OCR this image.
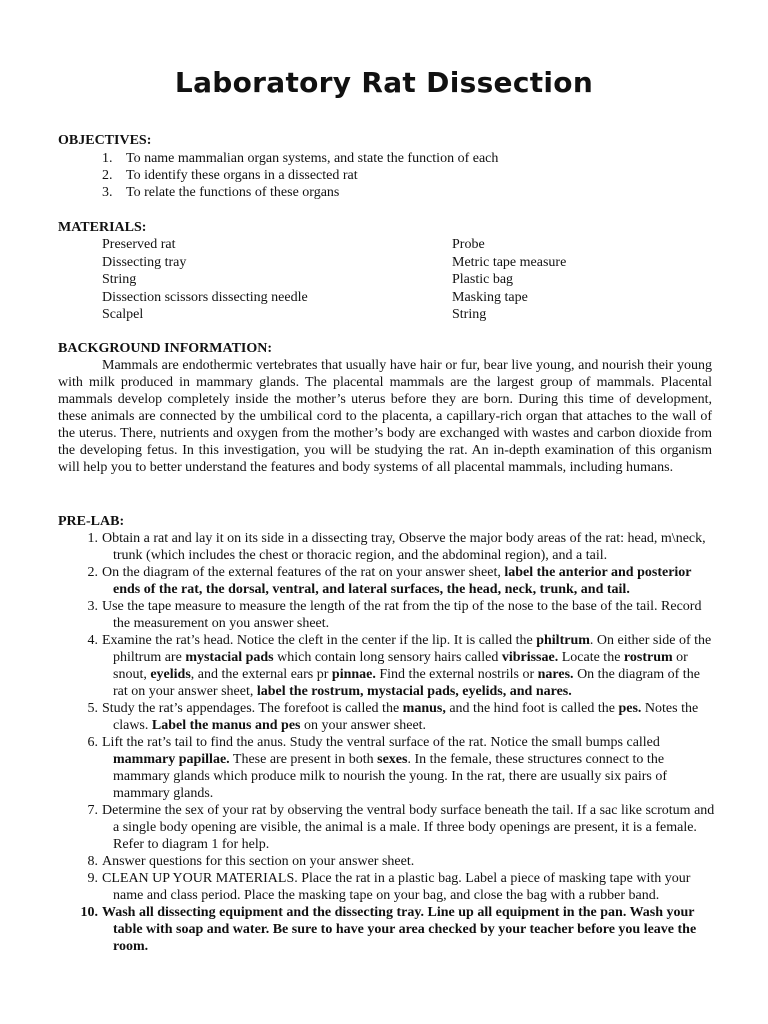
Laboratory Rat Dissection
OBJECTIVES:
1. To name mammalian organ systems, and state the function of each
2. To identify these organs in a dissected rat
3. To relate the functions of these organs
MATERIALS:
Preserved rat
Dissecting tray
String
Dissection scissors dissecting needle
Scalpel
Probe
Metric tape measure
Plastic bag
Masking tape
String
BACKGROUND INFORMATION:
Mammals are endothermic vertebrates that usually have hair or fur, bear live young, and nourish their young with milk produced in mammary glands. The placental mammals are the largest group of mammals. Placental mammals develop completely inside the mother’s uterus before they are born. During this time of development, these animals are connected by the umbilical cord to the placenta, a capillary-rich organ that attaches to the wall of the uterus. There, nutrients and oxygen from the mother’s body are exchanged with wastes and carbon dioxide from the developing fetus. In this investigation, you will be studying the rat. An in-depth examination of this organism will help you to better understand the features and body systems of all placental mammals, including humans.
PRE-LAB:
1. Obtain a rat and lay it on its side in a dissecting tray, Observe the major body areas of the rat: head, m\neck, trunk (which includes the chest or thoracic region, and the abdominal region), and a tail.
2. On the diagram of the external features of the rat on your answer sheet, label the anterior and posterior ends of the rat, the dorsal, ventral, and lateral surfaces, the head, neck, trunk, and tail.
3. Use the tape measure to measure the length of the rat from the tip of the nose to the base of the tail. Record the measurement on you answer sheet.
4. Examine the rat’s head. Notice the cleft in the center if the lip. It is called the philtrum. On either side of the philtrum are mystacial pads which contain long sensory hairs called vibrissae. Locate the rostrum or snout, eyelids, and the external ears pr pinnae. Find the external nostrils or nares. On the diagram of the rat on your answer sheet, label the rostrum, mystacial pads, eyelids, and nares.
5. Study the rat’s appendages. The forefoot is called the manus, and the hind foot is called the pes. Notes the claws. Label the manus and pes on your answer sheet.
6. Lift the rat’s tail to find the anus. Study the ventral surface of the rat. Notice the small bumps called mammary papillae. These are present in both sexes. In the female, these structures connect to the mammary glands which produce milk to nourish the young. In the rat, there are usually six pairs of mammary glands.
7. Determine the sex of your rat by observing the ventral body surface beneath the tail. If a sac like scrotum and a single body opening are visible, the animal is a male. If three body openings are present, it is a female. Refer to diagram 1 for help.
8. Answer questions for this section on your answer sheet.
9. CLEAN UP YOUR MATERIALS. Place the rat in a plastic bag. Label a piece of masking tape with your name and class period. Place the masking tape on your bag, and close the bag with a rubber band.
10. Wash all dissecting equipment and the dissecting tray. Line up all equipment in the pan. Wash your table with soap and water. Be sure to have your area checked by your teacher before you leave the room.
